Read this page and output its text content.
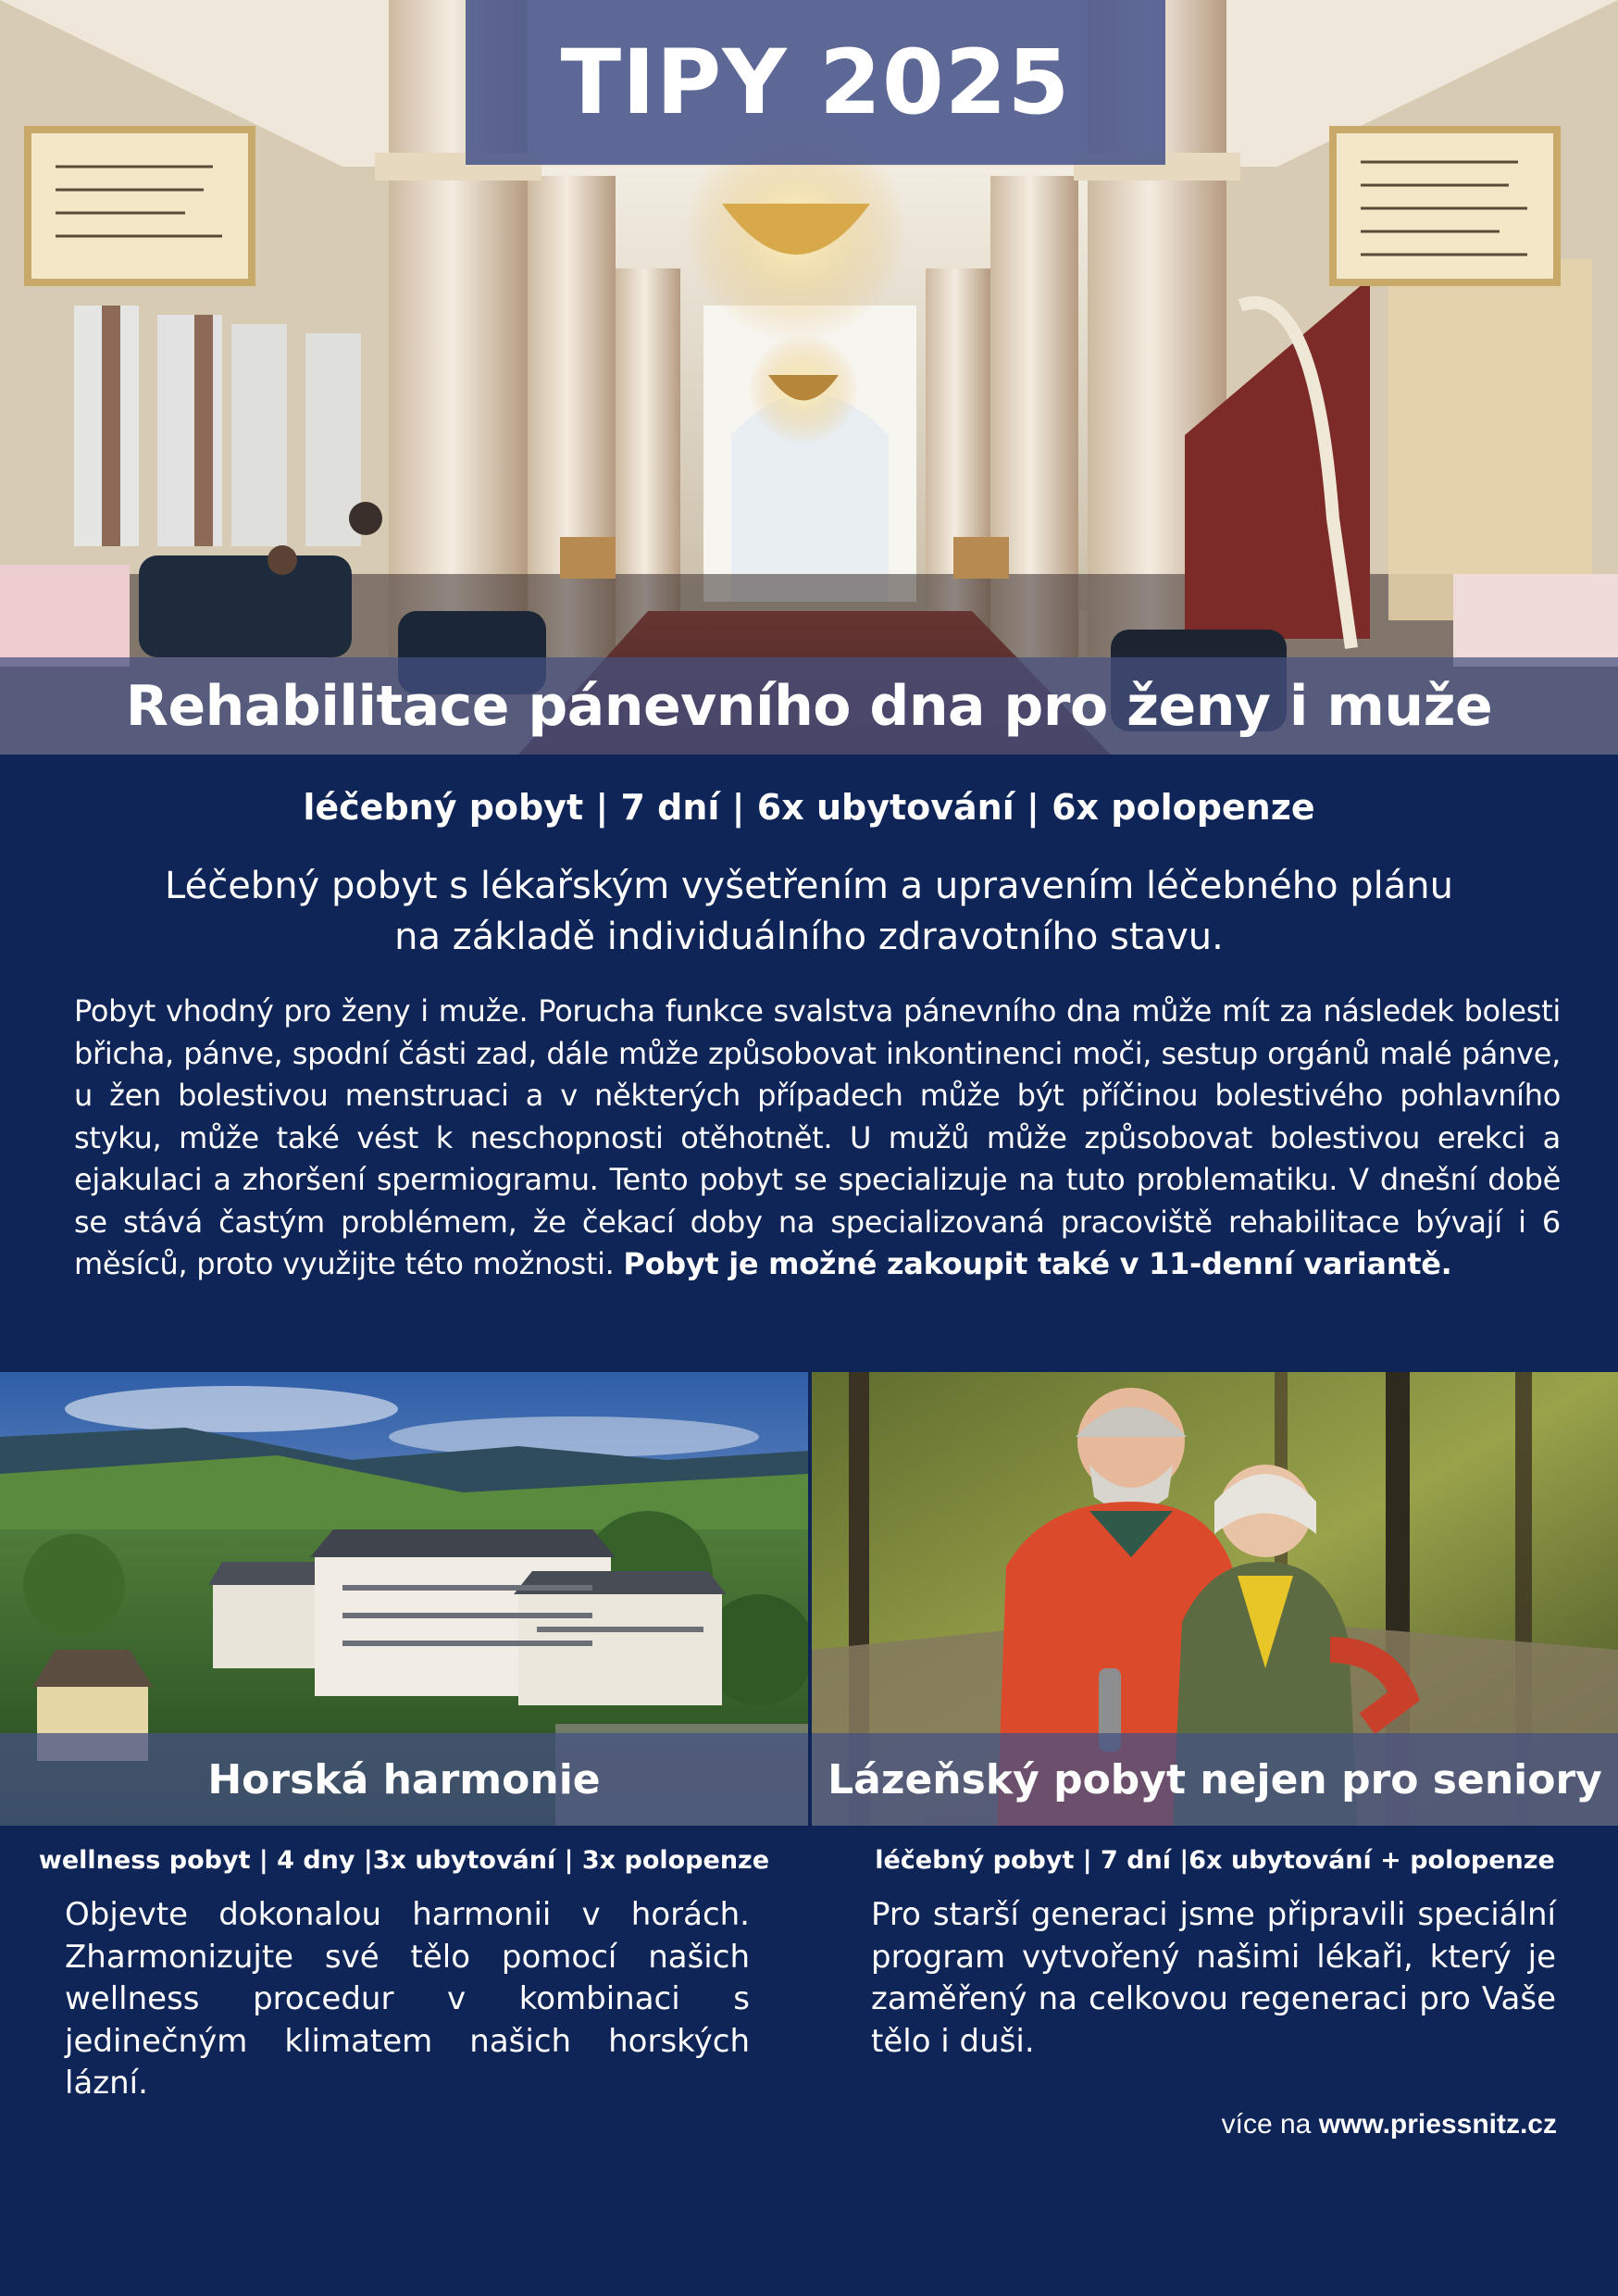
TIPY 2025
Rehabilitace pánevního dna pro ženy i muže
léčebný pobyt | 7 dní | 6x ubytování | 6x polopenze
Léčebný pobyt s lékařským vyšetřením a upravením léčebného plánu
na základě individuálního zdravotního stavu.
Pobyt vhodný pro ženy i muže. Porucha funkce svalstva pánevního dna může mít za následek bolesti břicha, pánve, spodní části zad, dále může způsobovat inkontinenci moči, sestup orgánů malé pánve, u žen bolestivou menstruaci a v některých případech může být příčinou bolestivého pohlavního styku, může také vést k neschopnosti otěhotnět. U mužů může způsobovat bolestivou erekci a ejakulaci a zhoršení spermiogramu. Tento pobyt se specializuje na tuto problematiku. V dnešní době se stává častým problémem, že čekací doby na specializovaná pracoviště rehabilitace bývají i 6 měsíců, proto využijte této možnosti. Pobyt je možné zakoupit také v 11-denní variantě.
Horská harmonie	Lázeňský pobyt nejen pro seniory
wellness pobyt | 4 dny |3x ubytování | 3x polopenze	léčebný pobyt | 7 dní |6x ubytování + polopenze
Objevte dokonalou harmonii v horách. Zharmonizujte své tělo pomocí našich wellness procedur v kombinaci s jedinečným klimatem našich horských lázní.
Pro starší generaci jsme připravili speciální program vytvořený našimi lékaři, který je zaměřený na celkovou regeneraci pro Vaše tělo i duši.
více na www.priessnitz.cz
